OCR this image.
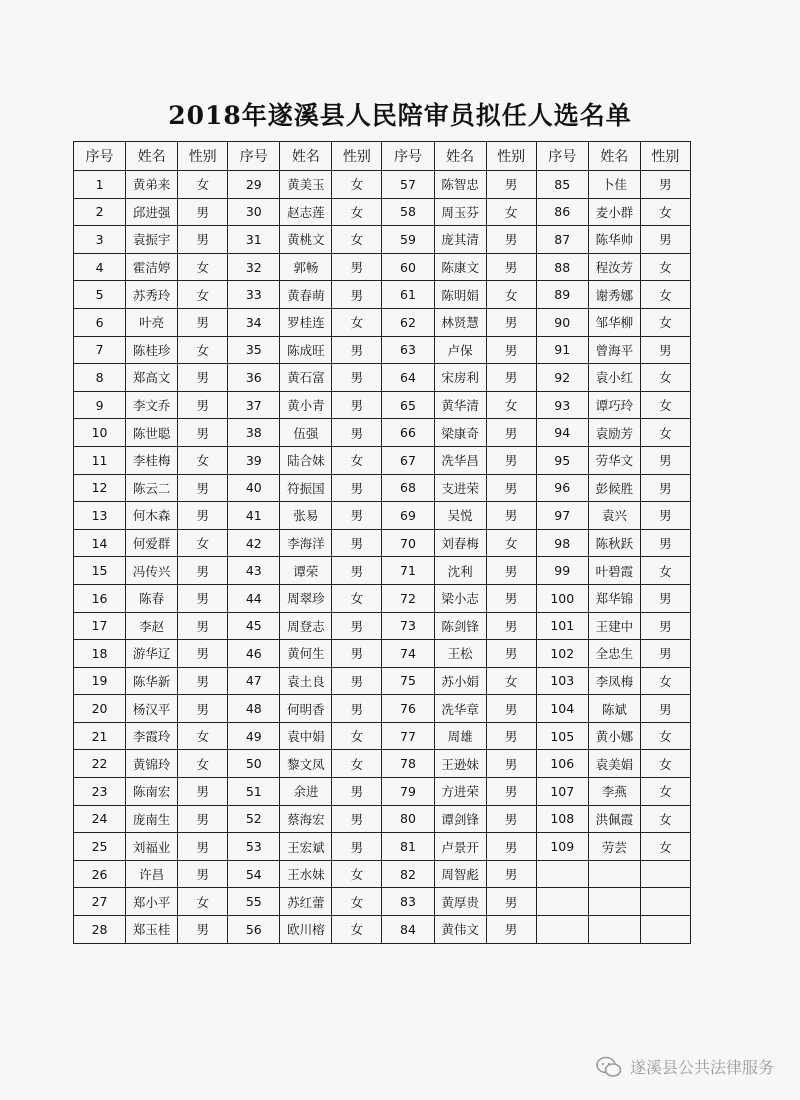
2018年遂溪县人民陪审员拟任人选名单
序号	姓名	性别	序号	姓名	性别	序号	姓名	性别	序号	姓名	性别
1	黄弟来	女	29	黄美玉	女	57	陈智忠	男	85	卜佳	男
2	邱进强	男	30	赵志莲	女	58	周玉芬	女	86	麦小群	女
3	袁振宇	男	31	黄桃文	女	59	庞其清	男	87	陈华帅	男
4	霍洁婷	女	32	郭畅	男	60	陈康文	男	88	程汝芳	女
5	苏秀玲	女	33	黄春萌	男	61	陈明娟	女	89	谢秀娜	女
6	叶亮	男	34	罗桂连	女	62	林贤慧	男	90	邹华柳	女
7	陈桂珍	女	35	陈成旺	男	63	卢保	男	91	曾海平	男
8	郑高文	男	36	黄石富	男	64	宋房利	男	92	袁小红	女
9	李文乔	男	37	黄小青	男	65	黄华清	女	93	谭巧玲	女
10	陈世聪	男	38	伍强	男	66	梁康奇	男	94	袁励芳	女
11	李桂梅	女	39	陆合妹	女	67	冼华昌	男	95	劳华文	男
12	陈云二	男	40	符振国	男	68	支进荣	男	96	彭候胜	男
13	何木森	男	41	张易	男	69	吴悦	男	97	袁兴	男
14	何爱群	女	42	李海洋	男	70	刘春梅	女	98	陈秋跃	男
15	冯传兴	男	43	谭荣	男	71	沈利	男	99	叶碧霞	女
16	陈春	男	44	周翠珍	女	72	梁小志	男	100	郑华锦	男
17	李赵	男	45	周登志	男	73	陈剑锋	男	101	王建中	男
18	游华辽	男	46	黄何生	男	74	王松	男	102	全忠生	男
19	陈华新	男	47	袁土良	男	75	苏小娟	女	103	李凤梅	女
20	杨汉平	男	48	何明香	男	76	冼华章	男	104	陈斌	男
21	李霞玲	女	49	袁中娟	女	77	周雄	男	105	黄小娜	女
22	黄锦玲	女	50	黎文凤	女	78	王逊妹	男	106	袁美娟	女
23	陈南宏	男	51	余进	男	79	方进荣	男	107	李燕	女
24	庞南生	男	52	蔡海宏	男	80	谭剑锋	男	108	洪佩霞	女
25	刘福业	男	53	王宏斌	男	81	卢景开	男	109	劳芸	女
26	许昌	男	54	王水妹	女	82	周智彪	男			
27	郑小平	女	55	苏红蕾	女	83	黄厚贵	男			
28	郑玉桂	男	56	欧川榕	女	84	黄伟文	男			
遂溪县公共法律服务
